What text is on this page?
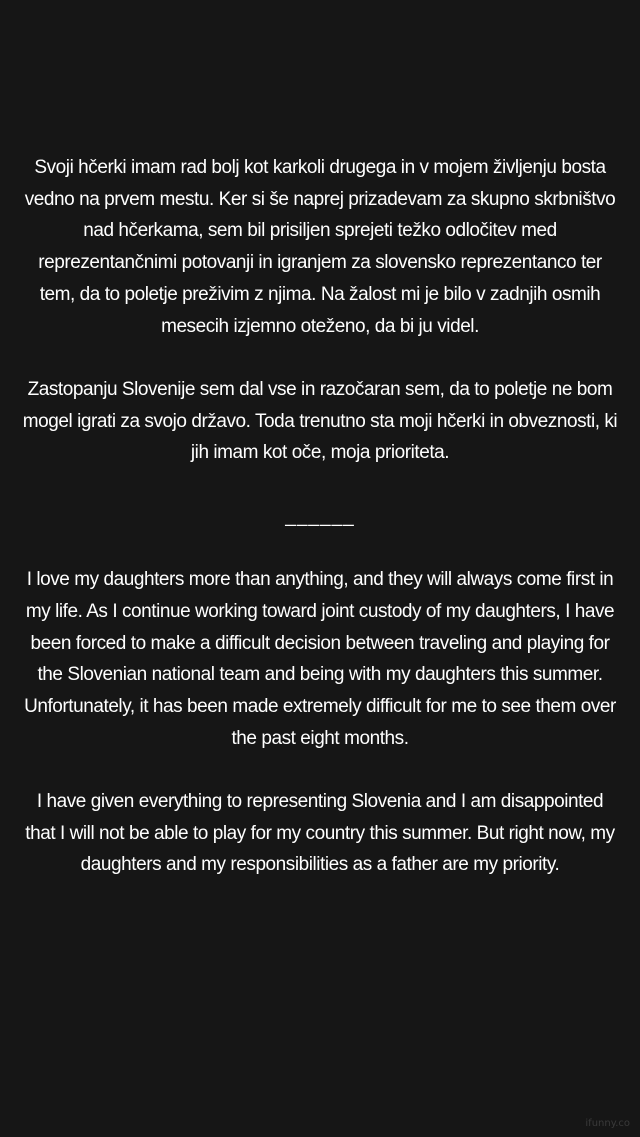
Svoji hčerki imam rad bolj kot karkoli drugega in v mojem življenju bosta vedno na prvem mestu. Ker si še naprej prizadevam za skupno skrbništvo nad hčerkama, sem bil prisiljen sprejeti težko odločitev med reprezentančnimi potovanji in igranjem za slovensko reprezentanco ter tem, da to poletje preživim z njima. Na žalost mi je bilo v zadnjih osmih mesecih izjemno oteženo, da bi ju videl.

Zastopanju Slovenije sem dal vse in razočaran sem, da to poletje ne bom mogel igrati za svojo državo. Toda trenutno sta moji hčerki in obveznosti, ki jih imam kot oče, moja prioriteta.

______

I love my daughters more than anything, and they will always come first in my life. As I continue working toward joint custody of my daughters, I have been forced to make a difficult decision between traveling and playing for the Slovenian national team and being with my daughters this summer. Unfortunately, it has been made extremely difficult for me to see them over the past eight months.

I have given everything to representing Slovenia and I am disappointed that I will not be able to play for my country this summer. But right now, my daughters and my responsibilities as a father are my priority.

ifunny.co
